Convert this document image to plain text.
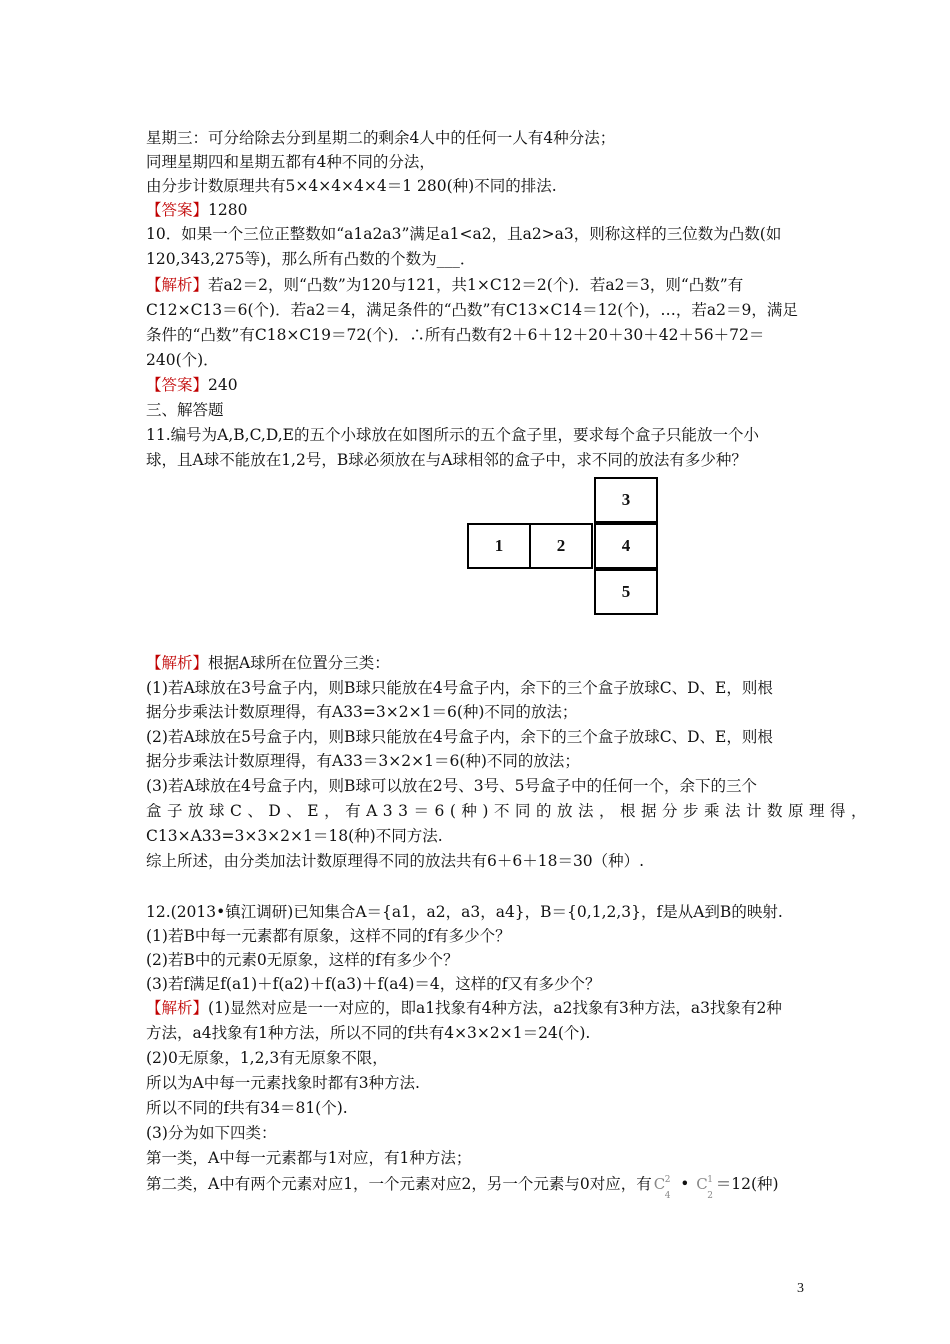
星期三：可分给除去分到星期二的剩余4人中的任何一人有4种分法；
同理星期四和星期五都有4种不同的分法，
由分步计数原理共有5×4×4×4×4＝1 280(种)不同的排法.
【答案】1280
10．如果一个三位正整数如“a1a2a3”满足a1<a2，且a2>a3，则称这样的三位数为凸数(如
120,343,275等)，那么所有凸数的个数为___．
【解析】若a2＝2，则“凸数”为120与121，共1×C12＝2(个)．若a2＝3，则“凸数”有
C12×C13＝6(个)．若a2＝4，满足条件的“凸数”有C13×C14＝12(个)，…，若a2＝9，满足
条件的“凸数”有C18×C19＝72(个)．∴所有凸数有2＋6＋12＋20＋30＋42＋56＋72＝
240(个)．
【答案】240
三、解答题
11.编号为A,B,C,D,E的五个小球放在如图所示的五个盒子里，要求每个盒子只能放一个小
球，且A球不能放在1,2号，B球必须放在与A球相邻的盒子中，求不同的放法有多少种？
3
1	2	4
5
【解析】根据A球所在位置分三类：
(1)若A球放在3号盒子内，则B球只能放在4号盒子内，余下的三个盒子放球C、D、E，则根
据分步乘法计数原理得，有A33=3×2×1＝6(种)不同的放法；
(2)若A球放在5号盒子内，则B球只能放在4号盒子内，余下的三个盒子放球C、D、E，则根
据分步乘法计数原理得，有A33＝3×2×1＝6(种)不同的放法；
(3)若A球放在4号盒子内，则B球可以放在2号、3号、5号盒子中的任何一个，余下的三个
盒子放球C、D、E，有A33＝6(种)不同的放法，根据分步乘法计数原理得，
C13×A33=3×3×2×1＝18(种)不同方法.
综上所述，由分类加法计数原理得不同的放法共有6＋6＋18＝30（种）.
12.(2013•镇江调研)已知集合A＝{a1，a2，a3，a4}，B＝{0,1,2,3}，f是从A到B的映射.
(1)若B中每一元素都有原象，这样不同的f有多少个？
(2)若B中的元素0无原象，这样的f有多少个？
(3)若f满足f(a1)＋f(a2)＋f(a3)＋f(a4)＝4，这样的f又有多少个？
【解析】(1)显然对应是一一对应的，即a1找象有4种方法，a2找象有3种方法，a3找象有2种
方法，a4找象有1种方法，所以不同的f共有4×3×2×1＝24(个).
(2)0无原象，1,2,3有无原象不限，
所以为A中每一元素找象时都有3种方法.
所以不同的f共有34＝81(个).
(3)分为如下四类：
第一类，A中每一元素都与1对应，有1种方法；
第二类，A中有两个元素对应1，一个元素对应2，另一个元素与0对应，有 C 2
4
• C 1
2
＝12(种)
3
